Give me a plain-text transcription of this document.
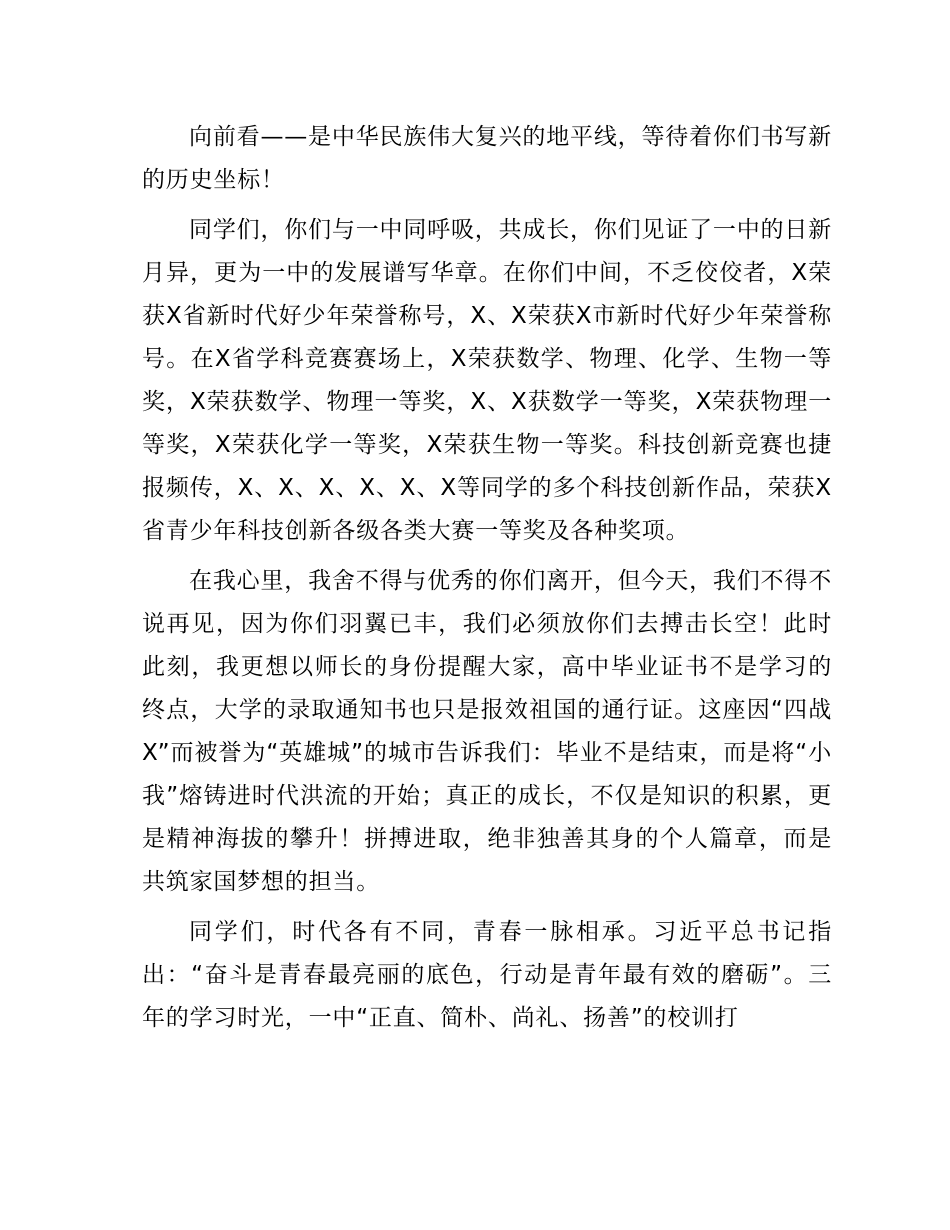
向前看——是中华民族伟大复兴的地平线，等待着你们书写新的历史坐标！

同学们，你们与一中同呼吸，共成长，你们见证了一中的日新月异，更为一中的发展谱写华章。在你们中间，不乏佼佼者，X荣获X省新时代好少年荣誉称号，X、X荣获X市新时代好少年荣誉称号。在X省学科竞赛赛场上，X荣获数学、物理、化学、生物一等奖，X荣获数学、物理一等奖，X、X获数学一等奖，X荣获物理一等奖，X荣获化学一等奖，X荣获生物一等奖。科技创新竞赛也捷报频传，X、X、X、X、X、X等同学的多个科技创新作品，荣获X省青少年科技创新各级各类大赛一等奖及各种奖项。

在我心里，我舍不得与优秀的你们离开，但今天，我们不得不说再见，因为你们羽翼已丰，我们必须放你们去搏击长空！此时此刻，我更想以师长的身份提醒大家，高中毕业证书不是学习的终点，大学的录取通知书也只是报效祖国的通行证。这座因“四战X”而被誉为“英雄城”的城市告诉我们：毕业不是结束，而是将“小我”熔铸进时代洪流的开始；真正的成长，不仅是知识的积累，更是精神海拔的攀升！拼搏进取，绝非独善其身的个人篇章，而是共筑家国梦想的担当。

同学们，时代各有不同，青春一脉相承。习近平总书记指出：“奋斗是青春最亮丽的底色，行动是青年最有效的磨砺”。三年的学习时光，一中“正直、简朴、尚礼、扬善”的校训打
